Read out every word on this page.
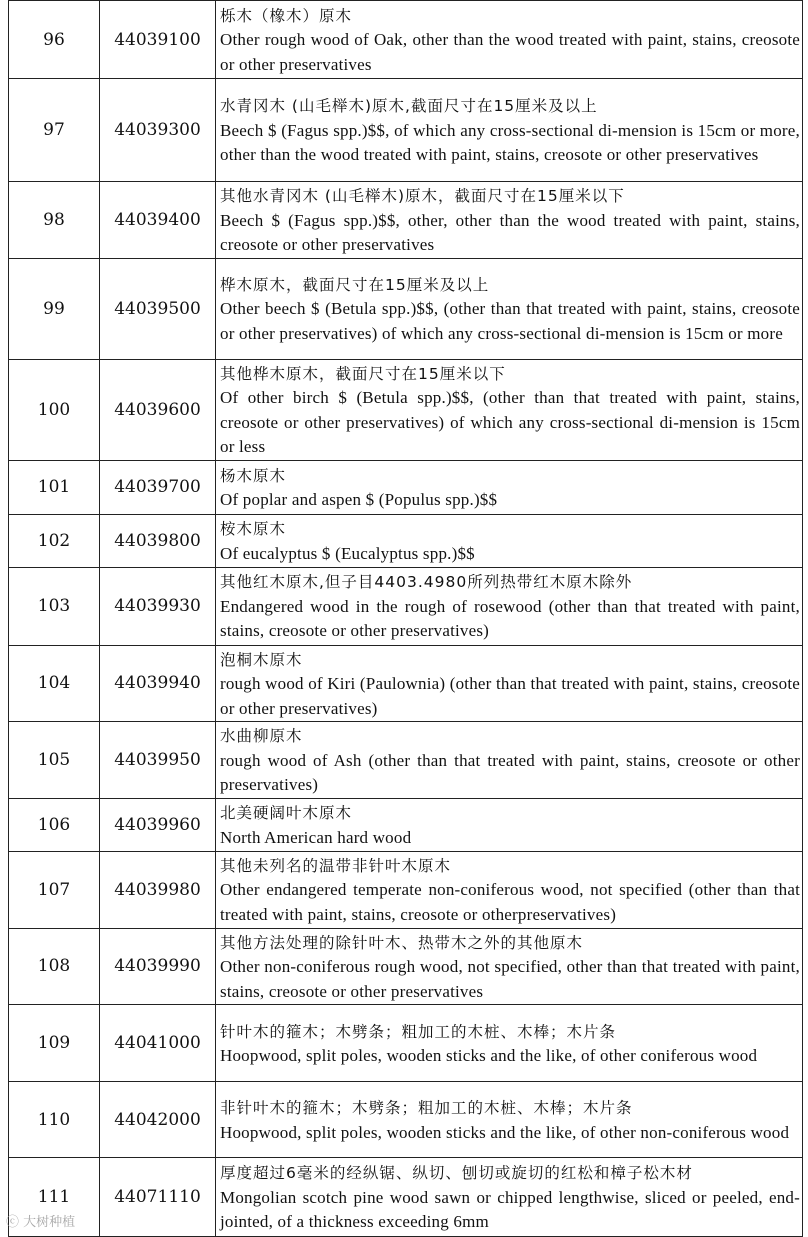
96	44039100	栎木（橡木）原木
Other rough wood of Oak, other than the wood treated with paint, stains, creosote or other preservatives

97	44039300	水青冈木 (山毛榉木)原木,截面尺寸在15厘米及以上
Beech $ (Fagus spp.)$$, of which any cross-sectional di-mension is 15cm or more, other than the wood treated with paint, stains, creosote or other preservatives

98	44039400	其他水青冈木 (山毛榉木)原木，截面尺寸在15厘米以下
Beech $ (Fagus spp.)$$, other, other than the wood treated with paint, stains, creosote or other preservatives

99	44039500	桦木原木，截面尺寸在15厘米及以上
Other beech $ (Betula spp.)$$, (other than that treated with paint, stains, creosote or other preservatives) of which any cross-sectional di-mension is 15cm or more

100	44039600	其他桦木原木，截面尺寸在15厘米以下
Of other birch $ (Betula spp.)$$, (other than that treated with paint, stains, creosote or other preservatives) of which any cross-sectional di-mension is 15cm or less

101	44039700	杨木原木
Of poplar and aspen $ (Populus spp.)$$

102	44039800	桉木原木
Of eucalyptus $ (Eucalyptus spp.)$$

103	44039930	其他红木原木,但子目4403.4980所列热带红木原木除外
Endangered wood in the rough of rosewood (other than that treated with paint, stains, creosote or other preservatives)

104	44039940	泡桐木原木
rough wood of Kiri (Paulownia) (other than that treated with paint, stains, creosote or other preservatives)

105	44039950	水曲柳原木
rough wood of Ash (other than that treated with paint, stains, creosote or other preservatives)

106	44039960	北美硬阔叶木原木
North American hard wood

107	44039980	其他未列名的温带非针叶木原木
Other endangered temperate non-coniferous wood, not specified (other than that treated with paint, stains, creosote or otherpreservatives)

108	44039990	其他方法处理的除针叶木、热带木之外的其他原木
Other non-coniferous rough wood, not specified, other than that treated with paint, stains, creosote or other preservatives

109	44041000	针叶木的箍木；木劈条；粗加工的木桩、木棒；木片条
Hoopwood, split poles, wooden sticks and the like, of other coniferous wood

110	44042000	非针叶木的箍木；木劈条；粗加工的木桩、木棒；木片条
Hoopwood, split poles, wooden sticks and the like, of other non-coniferous wood

111	44071110	厚度超过6毫米的经纵锯、纵切、刨切或旋切的红松和樟子松木材
Mongolian scotch pine wood sawn or chipped lengthwise, sliced or peeled, end-jointed, of a thickness exceeding 6mm
ⓒ 大树种植
